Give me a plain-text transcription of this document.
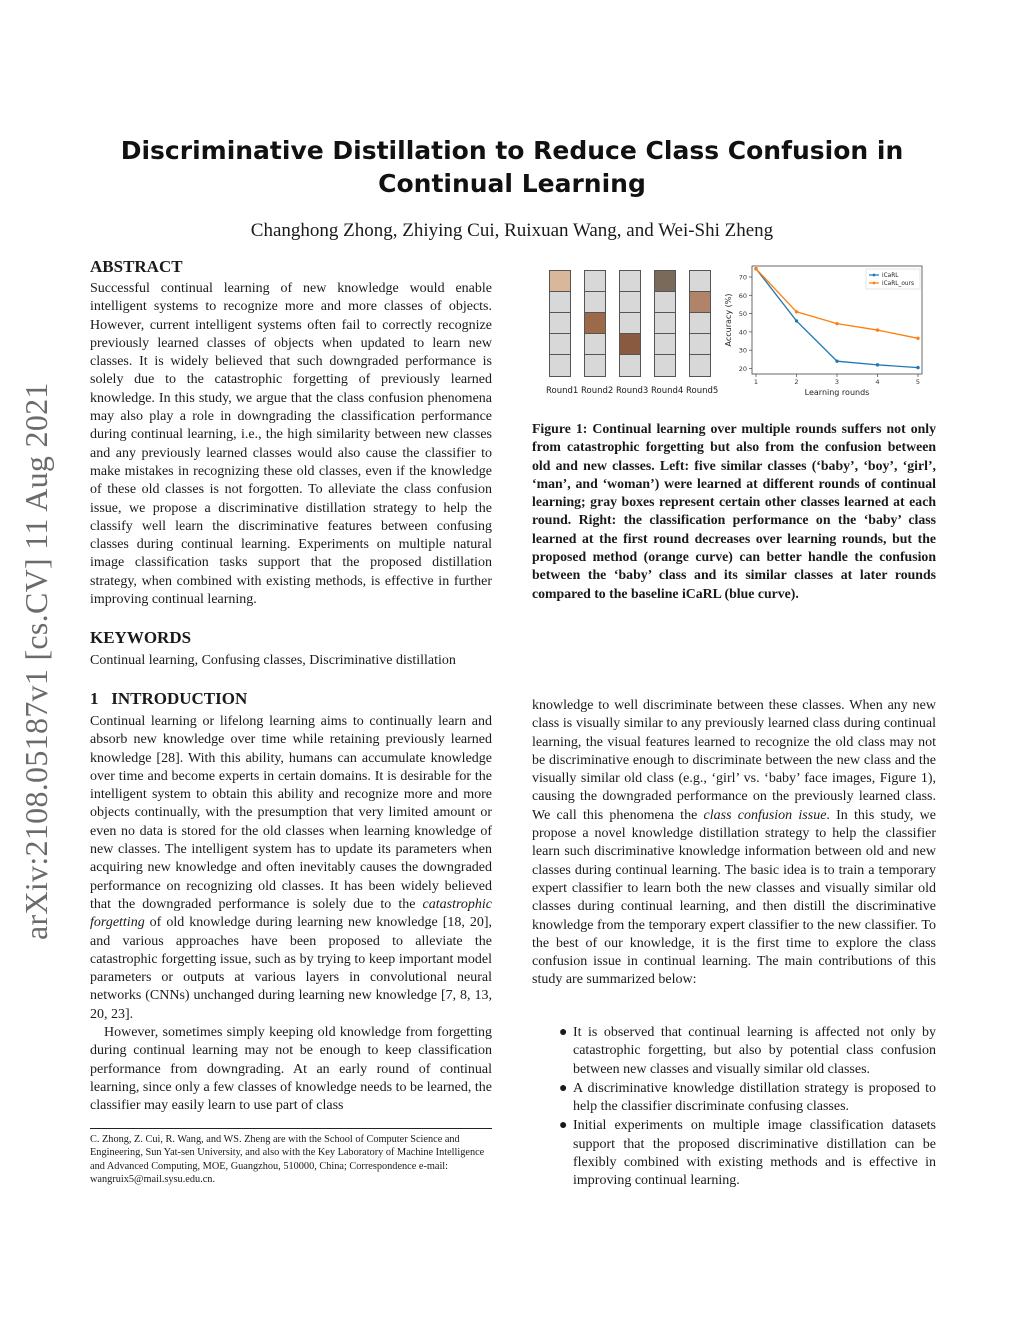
Discriminative Distillation to Reduce Class Confusion in
Continual Learning
Changhong Zhong, Zhiying Cui, Ruixuan Wang, and Wei-Shi Zheng
arXiv:2108.05187v1 [cs.CV] 11 Aug 2021
ABSTRACT
Successful continual learning of new knowledge would enable intelligent systems to recognize more and more classes of objects. However, current intelligent systems often fail to correctly recognize previously learned classes of objects when updated to learn new classes. It is widely believed that such downgraded performance is solely due to the catastrophic forgetting of previously learned knowledge. In this study, we argue that the class confusion phenomena may also play a role in downgrading the classification performance during continual learning, i.e., the high similarity between new classes and any previously learned classes would also cause the classifier to make mistakes in recognizing these old classes, even if the knowledge of these old classes is not forgotten. To alleviate the class confusion issue, we propose a discriminative distillation strategy to help the classify well learn the discriminative features between confusing classes during continual learning. Experiments on multiple natural image classification tasks support that the proposed distillation strategy, when combined with existing methods, is effective in further improving continual learning.
KEYWORDS
Continual learning, Confusing classes, Discriminative distillation
1   INTRODUCTION
Continual learning or lifelong learning aims to continually learn and absorb new knowledge over time while retaining previously learned knowledge [28]. With this ability, humans can accumulate knowledge over time and become experts in certain domains. It is desirable for the intelligent system to obtain this ability and recognize more and more objects continually, with the presumption that very limited amount or even no data is stored for the old classes when learning knowledge of new classes. The intelligent system has to update its parameters when acquiring new knowledge and often inevitably causes the downgraded performance on recognizing old classes. It has been widely believed that the downgraded performance is solely due to the catastrophic forgetting of old knowledge during learning new knowledge [18, 20], and various approaches have been proposed to alleviate the catastrophic forgetting issue, such as by trying to keep important model parameters or outputs at various layers in convolutional neural networks (CNNs) unchanged during learning new knowledge [7, 8, 13, 20, 23].
However, sometimes simply keeping old knowledge from forgetting during continual learning may not be enough to keep classification performance from downgrading. At an early round of continual learning, since only a few classes of knowledge needs to be learned, the classifier may easily learn to use part of class
C. Zhong, Z. Cui, R. Wang, and WS. Zheng are with the School of Computer Science and Engineering, Sun Yat-sen University, and also with the Key Laboratory of Machine Intelligence and Advanced Computing, MOE, Guangzhou, 510000, China; Correspondence e-mail: wangruix5@mail.sysu.edu.cn.
Round1 Round2 Round3 Round4 Round5
20
30
40
50
60
70
1	2	3	4	5
Learning rounds
Accuracy (%)
iCaRL
iCaRL_ours
Figure 1: Continual learning over multiple rounds suffers not only from catastrophic forgetting but also from the confusion between old and new classes. Left: five similar classes (‘baby’, ‘boy’, ‘girl’, ‘man’, and ‘woman’) were learned at different rounds of continual learning; gray boxes represent certain other classes learned at each round. Right: the classification performance on the ‘baby’ class learned at the first round decreases over learning rounds, but the proposed method (orange curve) can better handle the confusion between the ‘baby’ class and its similar classes at later rounds compared to the baseline iCaRL (blue curve).
knowledge to well discriminate between these classes. When any new class is visually similar to any previously learned class during continual learning, the visual features learned to recognize the old class may not be discriminative enough to discriminate between the new class and the visually similar old class (e.g., ‘girl’ vs. ‘baby’ face images, Figure 1), causing the downgraded performance on the previously learned class. We call this phenomena the class confusion issue. In this study, we propose a novel knowledge distillation strategy to help the classifier learn such discriminative knowledge information between old and new classes during continual learning. The basic idea is to train a temporary expert classifier to learn both the new classes and visually similar old classes during continual learning, and then distill the discriminative knowledge from the temporary expert classifier to the new classifier. To the best of our knowledge, it is the first time to explore the class confusion issue in continual learning. The main contributions of this study are summarized below:
● It is observed that continual learning is affected not only by catastrophic forgetting, but also by potential class confusion between new classes and visually similar old classes.
● A discriminative knowledge distillation strategy is proposed to help the classifier discriminate confusing classes.
● Initial experiments on multiple image classification datasets support that the proposed discriminative distillation can be flexibly combined with existing methods and is effective in improving continual learning.
